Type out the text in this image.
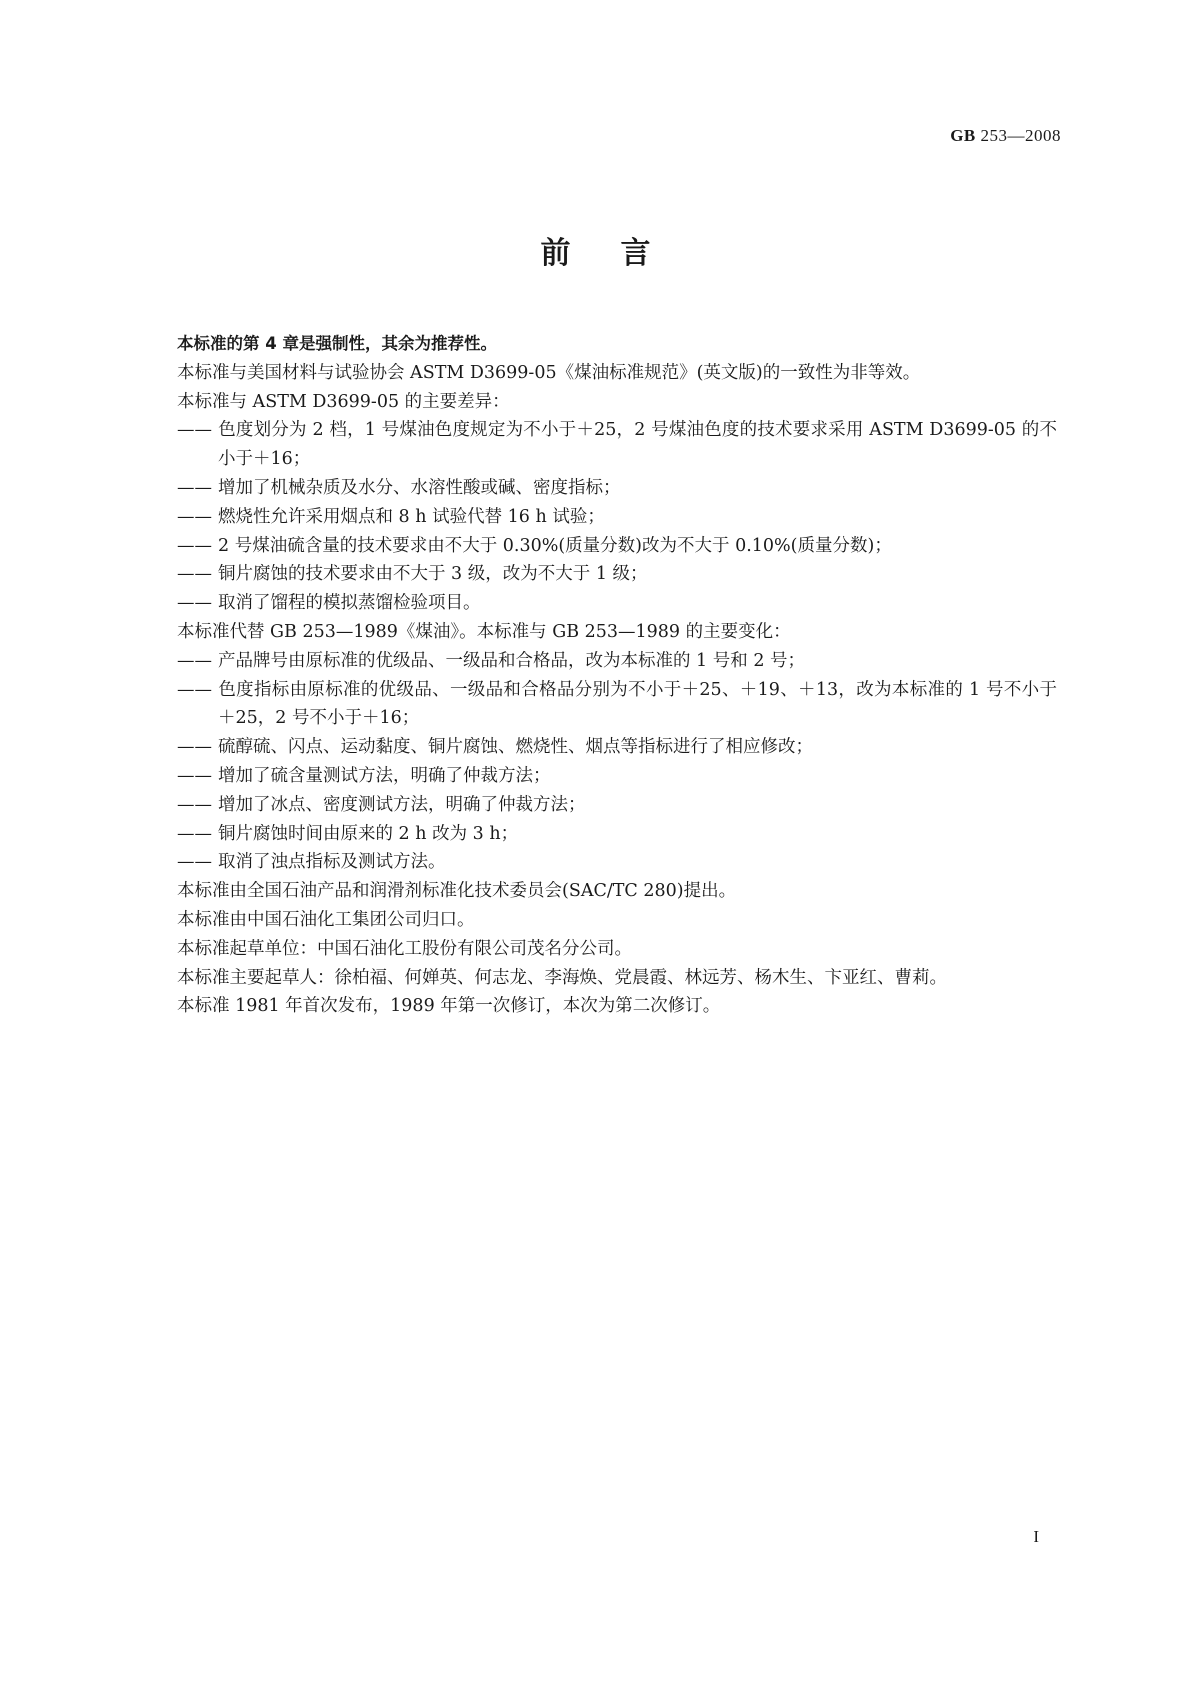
GB 253—2008
前言

本标准的第 4 章是强制性，其余为推荐性。

本标准与美国材料与试验协会 ASTM D3699-05《煤油标准规范》(英文版)的一致性为非等效。

本标准与 ASTM D3699-05 的主要差异：

—— 色度划分为 2 档，1 号煤油色度规定为不小于＋25，2 号煤油色度的技术要求采用 ASTM D3699-05 的不小于＋16；

—— 增加了机械杂质及水分、水溶性酸或碱、密度指标；

—— 燃烧性允许采用烟点和 8 h 试验代替 16 h 试验；

—— 2 号煤油硫含量的技术要求由不大于 0.30%(质量分数)改为不大于 0.10%(质量分数)；

—— 铜片腐蚀的技术要求由不大于 3 级，改为不大于 1 级；

—— 取消了馏程的模拟蒸馏检验项目。

本标准代替 GB 253—1989《煤油》。本标准与 GB 253—1989 的主要变化：

—— 产品牌号由原标准的优级品、一级品和合格品，改为本标准的 1 号和 2 号；

—— 色度指标由原标准的优级品、一级品和合格品分别为不小于＋25、＋19、＋13，改为本标准的 1 号不小于＋25，2 号不小于＋16；

—— 硫醇硫、闪点、运动黏度、铜片腐蚀、燃烧性、烟点等指标进行了相应修改；

—— 增加了硫含量测试方法，明确了仲裁方法；

—— 增加了冰点、密度测试方法，明确了仲裁方法；

—— 铜片腐蚀时间由原来的 2 h 改为 3 h；

—— 取消了浊点指标及测试方法。

本标准由全国石油产品和润滑剂标准化技术委员会(SAC/TC 280)提出。

本标准由中国石油化工集团公司归口。

本标准起草单位：中国石油化工股份有限公司茂名分公司。

本标准主要起草人：徐柏福、何婵英、何志龙、李海焕、党晨霞、林远芳、杨木生、卞亚红、曹莉。

本标准 1981 年首次发布，1989 年第一次修订，本次为第二次修订。

I
